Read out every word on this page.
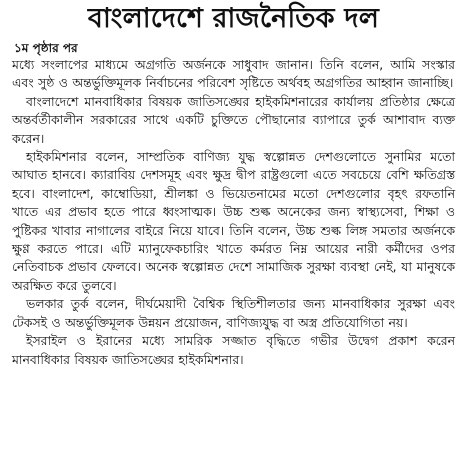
বাংলাদেশে রাজনৈতিক দল
১ম পৃষ্ঠার পর

মধ্যে সংলাপের মাধ্যমে অগ্রগতি অর্জনকে সাধুবাদ জানান। তিনি বলেন, আমি সংস্কার এবং সুষ্ঠ ও অন্তর্ভুক্তিমূলক নির্বাচনের পরিবেশ সৃষ্টিতে অর্থবহ অগ্রগতির আহ্বান জানাচ্ছি।

বাংলাদেশে মানবাধিকার বিষয়ক জাতিসঙ্ঘের হাইকমিশনারের কার্যালয় প্রতিষ্ঠার ক্ষেত্রে অন্তর্বর্তীকালীন সরকারের সাথে একটি চুক্তিতে পৌছানোর ব্যাপারে তুর্ক আশাবাদ ব্যক্ত করেন।

হাইকমিশনার বলেন, সাম্প্রতিক বাণিজ্য যুদ্ধ স্বল্পোন্নত দেশগুলোতে সুনামির মতো আঘাত হানবে। ক্যারাবিয় দেশসমূহ এবং ক্ষুদ্র দ্বীপ রাষ্ট্রগুলো এতে সবচেয়ে বেশি ক্ষতিগ্রস্ত হবে। বাংলাদেশ, কাম্বোডিয়া, শ্রীলঙ্কা ও ভিয়েতনামের মতো দেশগুলোর বৃহৎ রফতানি খাতে এর প্রভাব হতে পারে ধ্বংসাত্মক। উচ্চ শুল্ক অনেকের জন্য স্বাস্থ্যসেবা, শিক্ষা ও পুষ্টিকর খাবার নাগালের বাইরে নিয়ে যাবে। তিনি বলেন, উচ্চ শুল্ক লিঙ্গ সমতার অর্জনকে ক্ষুণ্ণ করতে পারে। এটি ম্যানুফেকচারিং খাতে কর্মরত নিম্ন আয়ের নারী কর্মীদের ওপর নেতিবাচক প্রভাব ফেলবে। অনেক স্বল্পোন্নত দেশে সামাজিক সুরক্ষা ব্যবস্থা নেই, যা মানুষকে অরক্ষিত করে তুলবে।

ভলকার তুর্ক বলেন, দীর্ঘমেয়াদী বৈশ্বিক স্থিতিশীলতার জন্য মানবাধিকার সুরক্ষা এবং টেকসই ও অন্তর্ভুক্তিমূলক উন্নয়ন প্রয়োজন, বাণিজ্যযুদ্ধ বা অস্ত্র প্রতিযোগিতা নয়।

ইসরাইল ও ইরানের মধ্যে সামরিক সজ্জাত বৃদ্ধিতে গভীর উদ্বেগ প্রকাশ করেন মানবাধিকার বিষয়ক জাতিসঙ্ঘের হাইকমিশনার।
